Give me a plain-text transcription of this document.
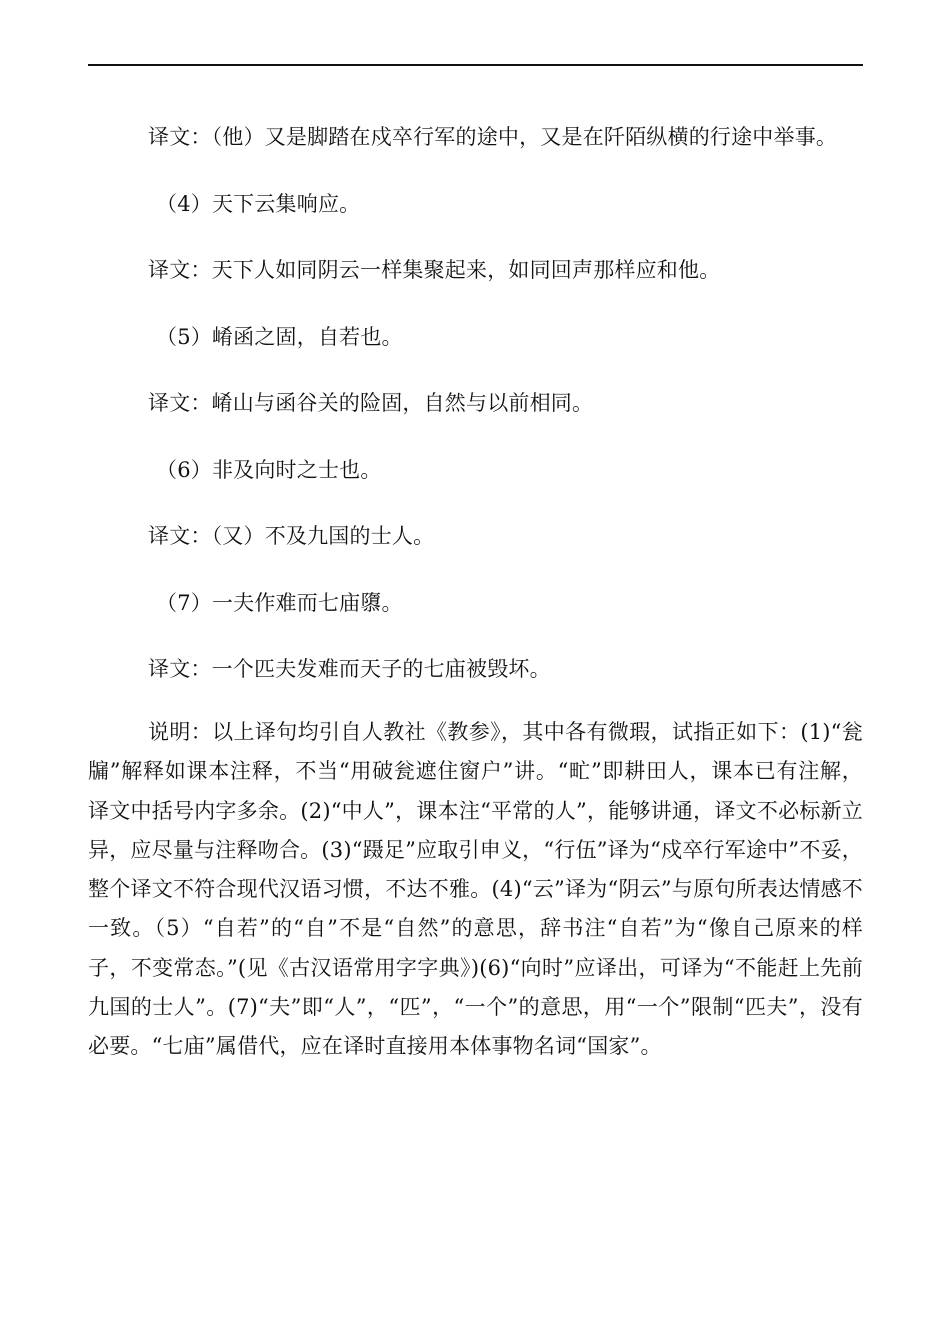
译文：（他）又是脚踏在戍卒行军的途中，又是在阡陌纵横的行途中举事。
（4）天下云集响应。
译文：天下人如同阴云一样集聚起来，如同回声那样应和他。
（5）崤函之固，自若也。
译文：崤山与函谷关的险固，自然与以前相同。
（6）非及向时之士也。
译文：（又）不及九国的士人。
（7）一夫作难而七庙隳。
译文：一个匹夫发难而天子的七庙被毁坏。
说明：以上译句均引自人教社《教参》，其中各有微瑕，试指正如下：(1)“瓮牖”解释如课本注释，不当“用破瓮遮住窗户”讲。“甿”即耕田人，课本已有注解，译文中括号内字多余。(2)“中人”，课本注“平常的人”，能够讲通，译文不必标新立异，应尽量与注释吻合。(3)“蹑足”应取引申义，“行伍”译为“戍卒行军途中”不妥，整个译文不符合现代汉语习惯，不达不雅。(4)“云”译为“阴云”与原句所表达情感不一致。（5）“自若”的“自”不是“自然”的意思，辞书注“自若”为“像自己原来的样子，不变常态。”(见《古汉语常用字字典》)(6)“向时”应译出，可译为“不能赶上先前九国的士人”。(7)“夫”即“人”，“匹”，“一个”的意思，用“一个”限制“匹夫”，没有必要。“七庙”属借代，应在译时直接用本体事物名词“国家”。
